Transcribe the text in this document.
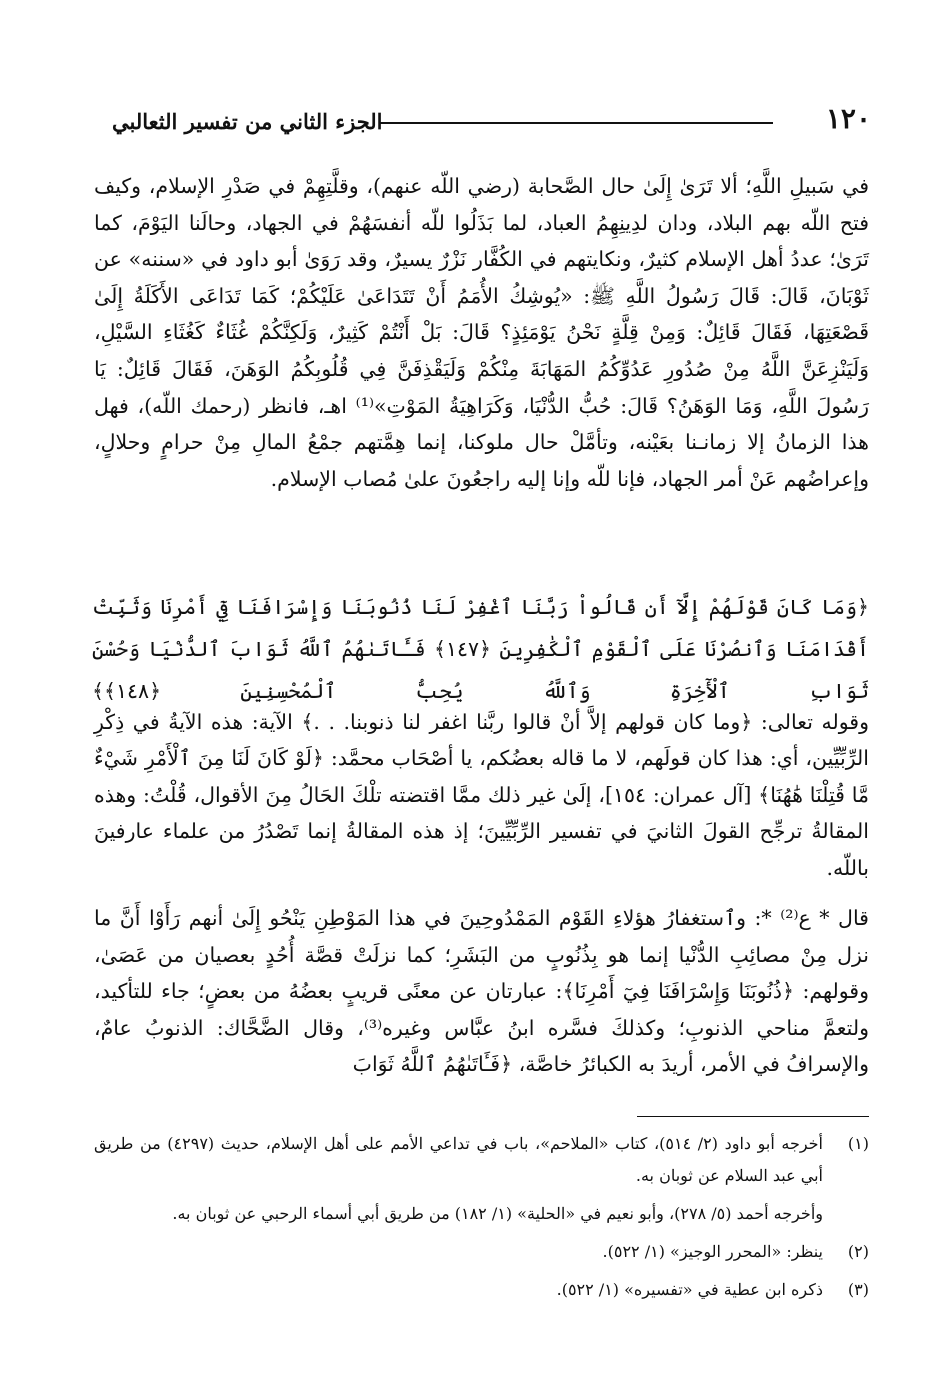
الجزء الثاني من تفسير الثعالبي	١٢٠

في سَبيلِ اللَّهِ؛ ألا تَرَىٰ إِلَىٰ حال الصَّحابة (رضي اللّه عنهم)، وقلَّتِهِمْ في صَدْرِ الإسلام، وكيف فتح اللّه بهم البلاد، ودان لدِينِهِمُ العباد، لما بَذَلُوا للّه أنفسَهُمْ في الجهاد، وحالَنا اليَوْمَ، كما تَرَىٰ؛ عددُ أهل الإسلام كثيرٌ، ونكايتهم في الكُفَّار نَزْرٌ يسيرٌ، وقد رَوَىٰ أبو داود في «سننه» عن ثَوْبَانَ، قَالَ: قَالَ رَسُولُ اللَّهِ ﷺ: «يُوشِكُ الأُمَمُ أَنْ تَتَدَاعَىٰ عَلَيْكُمْ؛ كَمَا تَدَاعَى الأَكَلَةُ إِلَىٰ قَصْعَتِهَا، فَقَالَ قَائِلٌ: وَمِنْ قِلَّةٍ نَحْنُ يَوْمَئِذٍ؟ قَالَ: بَلْ أَنْتُمْ كَثِيرٌ، وَلَكِنَّكُمْ غُثَاءٌ كَغُثَاءِ السَّيْلِ، وَلَيَنْزِعَنَّ اللَّهُ مِنْ صُدُورِ عَدُوِّكُمُ المَهَابَةَ مِنْكُمْ وَلَيَقْذِفَنَّ فِي قُلُوبِكُمُ الوَهَنَ، فَقَالَ قَائِلٌ: يَا رَسُولَ اللَّهِ، وَمَا الوَهَنُ؟ قَالَ: حُبُّ الدُّنْيَا، وَكَرَاهِيَةُ المَوْتِ»⁽¹⁾ اهـ، فانظر (رحمك اللّه)، فهل هذا الزمانُ إلا زمانـنا بعَيْنه، وتأمَّلْ حال ملوكنا، إنما هِمَّتهم جمْعُ المالِ مِنْ حرامٍ وحلالٍ، وإعراضُهم عَنْ أمر الجهاد، فإنا للّه وإنا إليه راجعُونَ علىٰ مُصاب الإسلام.

﴿وَمَا كَانَ قَوْلَهُمْ إِلَّآ أَن قَالُواْ رَبَّنَا ٱغْفِرْ لَنَا ذُنُوبَنَا وَإِسْرَافَنَا فِيٓ أَمْرِنَا وَثَبِّتْ أَقْدَامَنَا وَٱنصُرْنَا عَلَى ٱلْقَوْمِ ٱلْكَٰفِرِينَ ﴿١٤٧﴾ فَـَٔاتَىٰهُمُ ٱللَّهُ ثَوَابَ ٱلدُّنْيَا وَحُسْنَ ثَوَابِ ٱلْأٓخِرَةِ وَٱللَّهُ يُحِبُّ ٱلْمُحْسِنِينَ ﴿١٤٨﴾﴾

وقوله تعالى: ﴿وما كان قولهم إلاَّ أنْ قالوا ربَّنا اغفر لنا ذنوبنا. . .﴾ الآية: هذه الآيةُ في ذِكْرِ الرِّبِّيِّين، أي: هذا كان قولَهم، لا ما قاله بعضُكم، يا أصْحَاب محمَّد: ﴿لَوْ كَانَ لَنَا مِنَ ٱلْأَمْرِ شَيْءٌ مَّا قُتِلْنَا هَٰهُنَا﴾ [آل عمران: ١٥٤]، إلَىٰ غير ذلك ممَّا اقتضته تلْكَ الحَالُ مِنَ الأقوال، قُلْتُ: وهذه المقالةُ ترجِّح القولَ الثانيَ في تفسير الرِّبِّيِّينَ؛ إذ هذه المقالةُ إنما تَصْدُرُ من علماء عارفينَ باللّه.

قال * ع⁽²⁾ *: وٱستغفارُ هؤلاءِ القَوْم المَمْدُوحِينَ في هذا المَوْطِنِ يَنْحُو إِلَىٰ أنهم رَأَوْا أَنَّ ما نزل مِنْ مصائِبِ الدُّنْيا إنما هو بِذُنُوبٍ من البَشَرِ؛ كما نزلَتْ قصَّة أُحُدٍ بعصيان من عَصَىٰ، وقولهم: ﴿ذُنُوبَنَا وَإِسْرَافَنَا فِيٓ أَمْرِنَا﴾: عبارتان عن معنًى قريبٍ بعضُهُ من بعضٍ؛ جاء للتأكيد، ولتعمَّ مناحي الذنوبِ؛ وكذلكَ فسَّره ابنُ عبَّاس وغيره⁽³⁾، وقال الضَّحَّاك: الذنوبُ عامٌ، والإسرافُ في الأمر، أريدَ به الكبائرُ خاصَّة، ﴿فَـَٔاتَىٰهُمُ ٱللَّهُ ثَوَابَ

(١)
أخرجه أبو داود (٢/ ٥١٤)، كتاب «الملاحم»، باب في تداعي الأمم على أهل الإسلام، حديث (٤٢٩٧) من طريق أبي عبد السلام عن ثوبان به.
وأخرجه أحمد (٥/ ٢٧٨)، وأبو نعيم في «الحلية» (١/ ١٨٢) من طريق أبي أسماء الرحبي عن ثوبان به.
(٢)
ينظر: «المحرر الوجيز» (١/ ٥٢٢).
(٣)
ذكره ابن عطية في «تفسيره» (١/ ٥٢٢).
